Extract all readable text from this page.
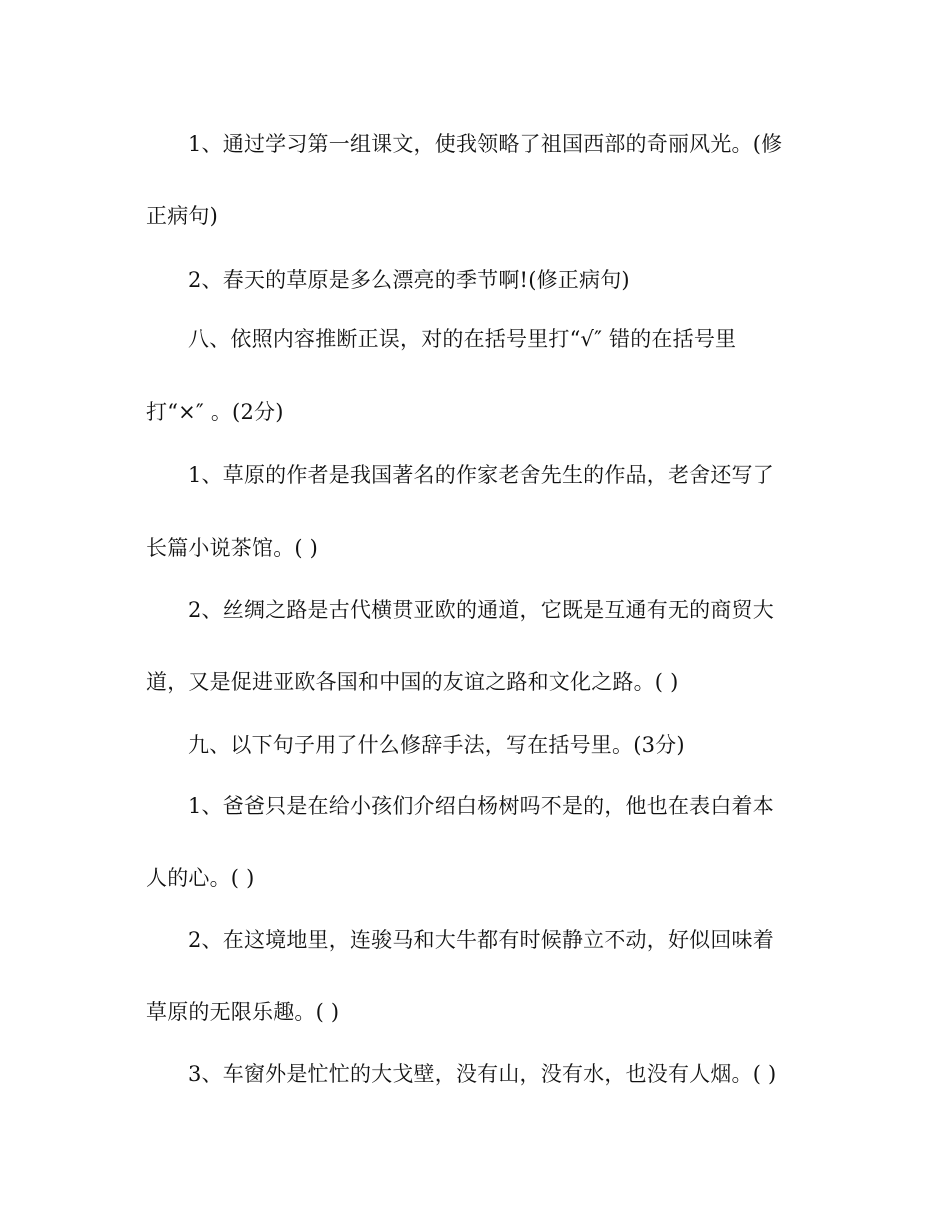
1、通过学习第一组课文，使我领略了祖国西部的奇丽风光。(修
正病句)
2、春天的草原是多么漂亮的季节啊!(修正病句)
八、依照内容推断正误，对的在括号里打“√″ 错的在括号里
打“×″ 。(2分)
1、草原的作者是我国著名的作家老舍先生的作品，老舍还写了
长篇小说茶馆。( )
2、丝绸之路是古代横贯亚欧的通道，它既是互通有无的商贸大
道，又是促进亚欧各国和中国的友谊之路和文化之路。( )
九、以下句子用了什么修辞手法，写在括号里。(3分)
1、爸爸只是在给小孩们介绍白杨树吗不是的，他也在表白着本
人的心。( )
2、在这境地里，连骏马和大牛都有时候静立不动，好似回味着
草原的无限乐趣。( )
3、车窗外是忙忙的大戈壁，没有山，没有水，也没有人烟。( )
